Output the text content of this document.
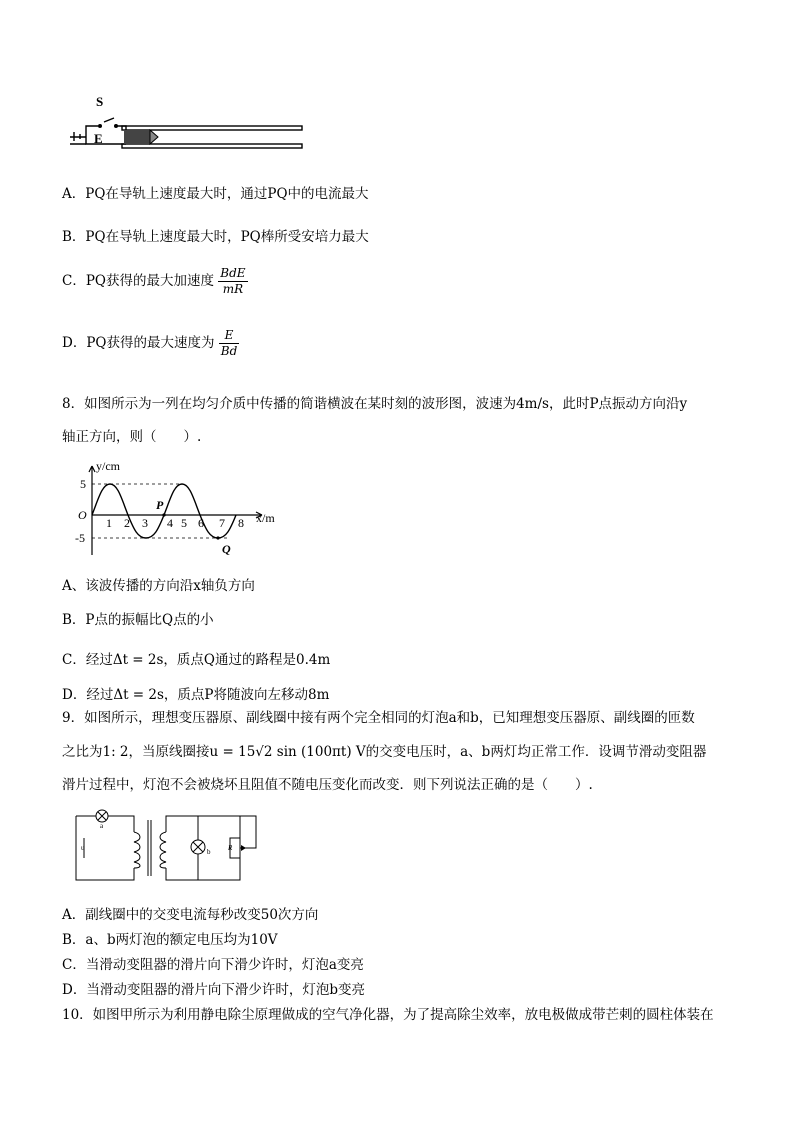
S
E
A．PQ在导轨上速度最大时，通过PQ中的电流最大
B．PQ在导轨上速度最大时，PQ棒所受安培力最大
C．PQ获得的最大加速度 $\frac{\text{BdE}}{mR}$
D．PQ获得的最大速度为 $\frac{E}{Bd}$
8．如图所示为一列在均匀介质中传播的简谐横波在某时刻的波形图，波速为4m/s，此时P点振动方向沿y
轴正方向，则（　　）.
y/cm
x/m
O
5
-5
1 2 3 4 5 6 7 8
P
Q
A、该波传播的方向沿x轴负方向
B．P点的振幅比Q点的小
C．经过Δt = 2s，质点Q通过的路程是0.4m
D．经过Δt = 2s，质点P将随波向左移动8m
9．如图所示，理想变压器原、副线圈中接有两个完全相同的灯泡a和b，已知理想变压器原、副线圈的匝数
之比为1: 2，当原线圈接u = 15√2 sin (100πt) V的交变电压时，a、b两灯均正常工作．设调节滑动变阻器
滑片过程中，灯泡不会被烧坏且阻值不随电压变化而改变．则下列说法正确的是（　　）.
a
b
u	R
A．副线圈中的交变电流每秒改变50次方向
B．a、b两灯泡的额定电压均为10V
C．当滑动变阻器的滑片向下滑少许时，灯泡a变亮
D．当滑动变阻器的滑片向下滑少许时，灯泡b变亮
10．如图甲所示为利用静电除尘原理做成的空气净化器，为了提高除尘效率，放电极做成带芒刺的圆柱体装在
